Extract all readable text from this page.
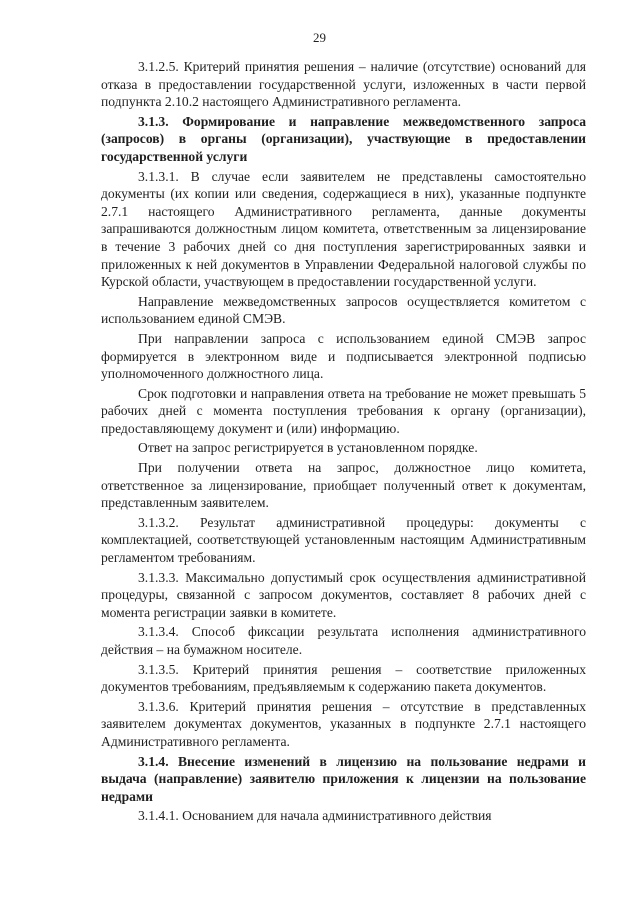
29

3.1.2.5. Критерий принятия решения – наличие (отсутствие) оснований для отказа в предоставлении государственной услуги, изложенных в части первой подпункта 2.10.2 настоящего Административного регламента.

3.1.3. Формирование и направление межведомственного запроса (запросов) в органы (организации), участвующие в предоставлении государственной услуги

3.1.3.1. В случае если заявителем не представлены самостоятельно документы (их копии или сведения, содержащиеся в них), указанные подпункте 2.7.1 настоящего Административного регламента, данные документы запрашиваются должностным лицом комитета, ответственным за лицензирование в течение 3 рабочих дней со дня поступления зарегистрированных заявки и приложенных к ней документов в Управлении Федеральной налоговой службы по Курской области, участвующем в предоставлении государственной услуги.

Направление межведомственных запросов осуществляется комитетом с использованием единой СМЭВ.

При направлении запроса с использованием единой СМЭВ запрос формируется в электронном виде и подписывается электронной подписью уполномоченного должностного лица.

Срок подготовки и направления ответа на требование не может превышать 5 рабочих дней с момента поступления требования к органу (организации), предоставляющему документ и (или) информацию.

Ответ на запрос регистрируется в установленном порядке.

При получении ответа на запрос, должностное лицо комитета, ответственное за лицензирование, приобщает полученный ответ к документам, представленным заявителем.

3.1.3.2. Результат административной процедуры: документы с комплектацией, соответствующей установленным настоящим Административным регламентом требованиям.

3.1.3.3. Максимально допустимый срок осуществления административной процедуры, связанной с запросом документов, составляет 8 рабочих дней с момента регистрации заявки в комитете.

3.1.3.4. Способ фиксации результата исполнения административного действия – на бумажном носителе.

3.1.3.5. Критерий принятия решения – соответствие приложенных документов требованиям, предъявляемым к содержанию пакета документов.

3.1.3.6. Критерий принятия решения – отсутствие в представленных заявителем документах документов, указанных в подпункте 2.7.1 настоящего Административного регламента.

3.1.4. Внесение изменений в лицензию на пользование недрами и выдача (направление) заявителю приложения к лицензии на пользование недрами

3.1.4.1. Основанием для начала административного действия
